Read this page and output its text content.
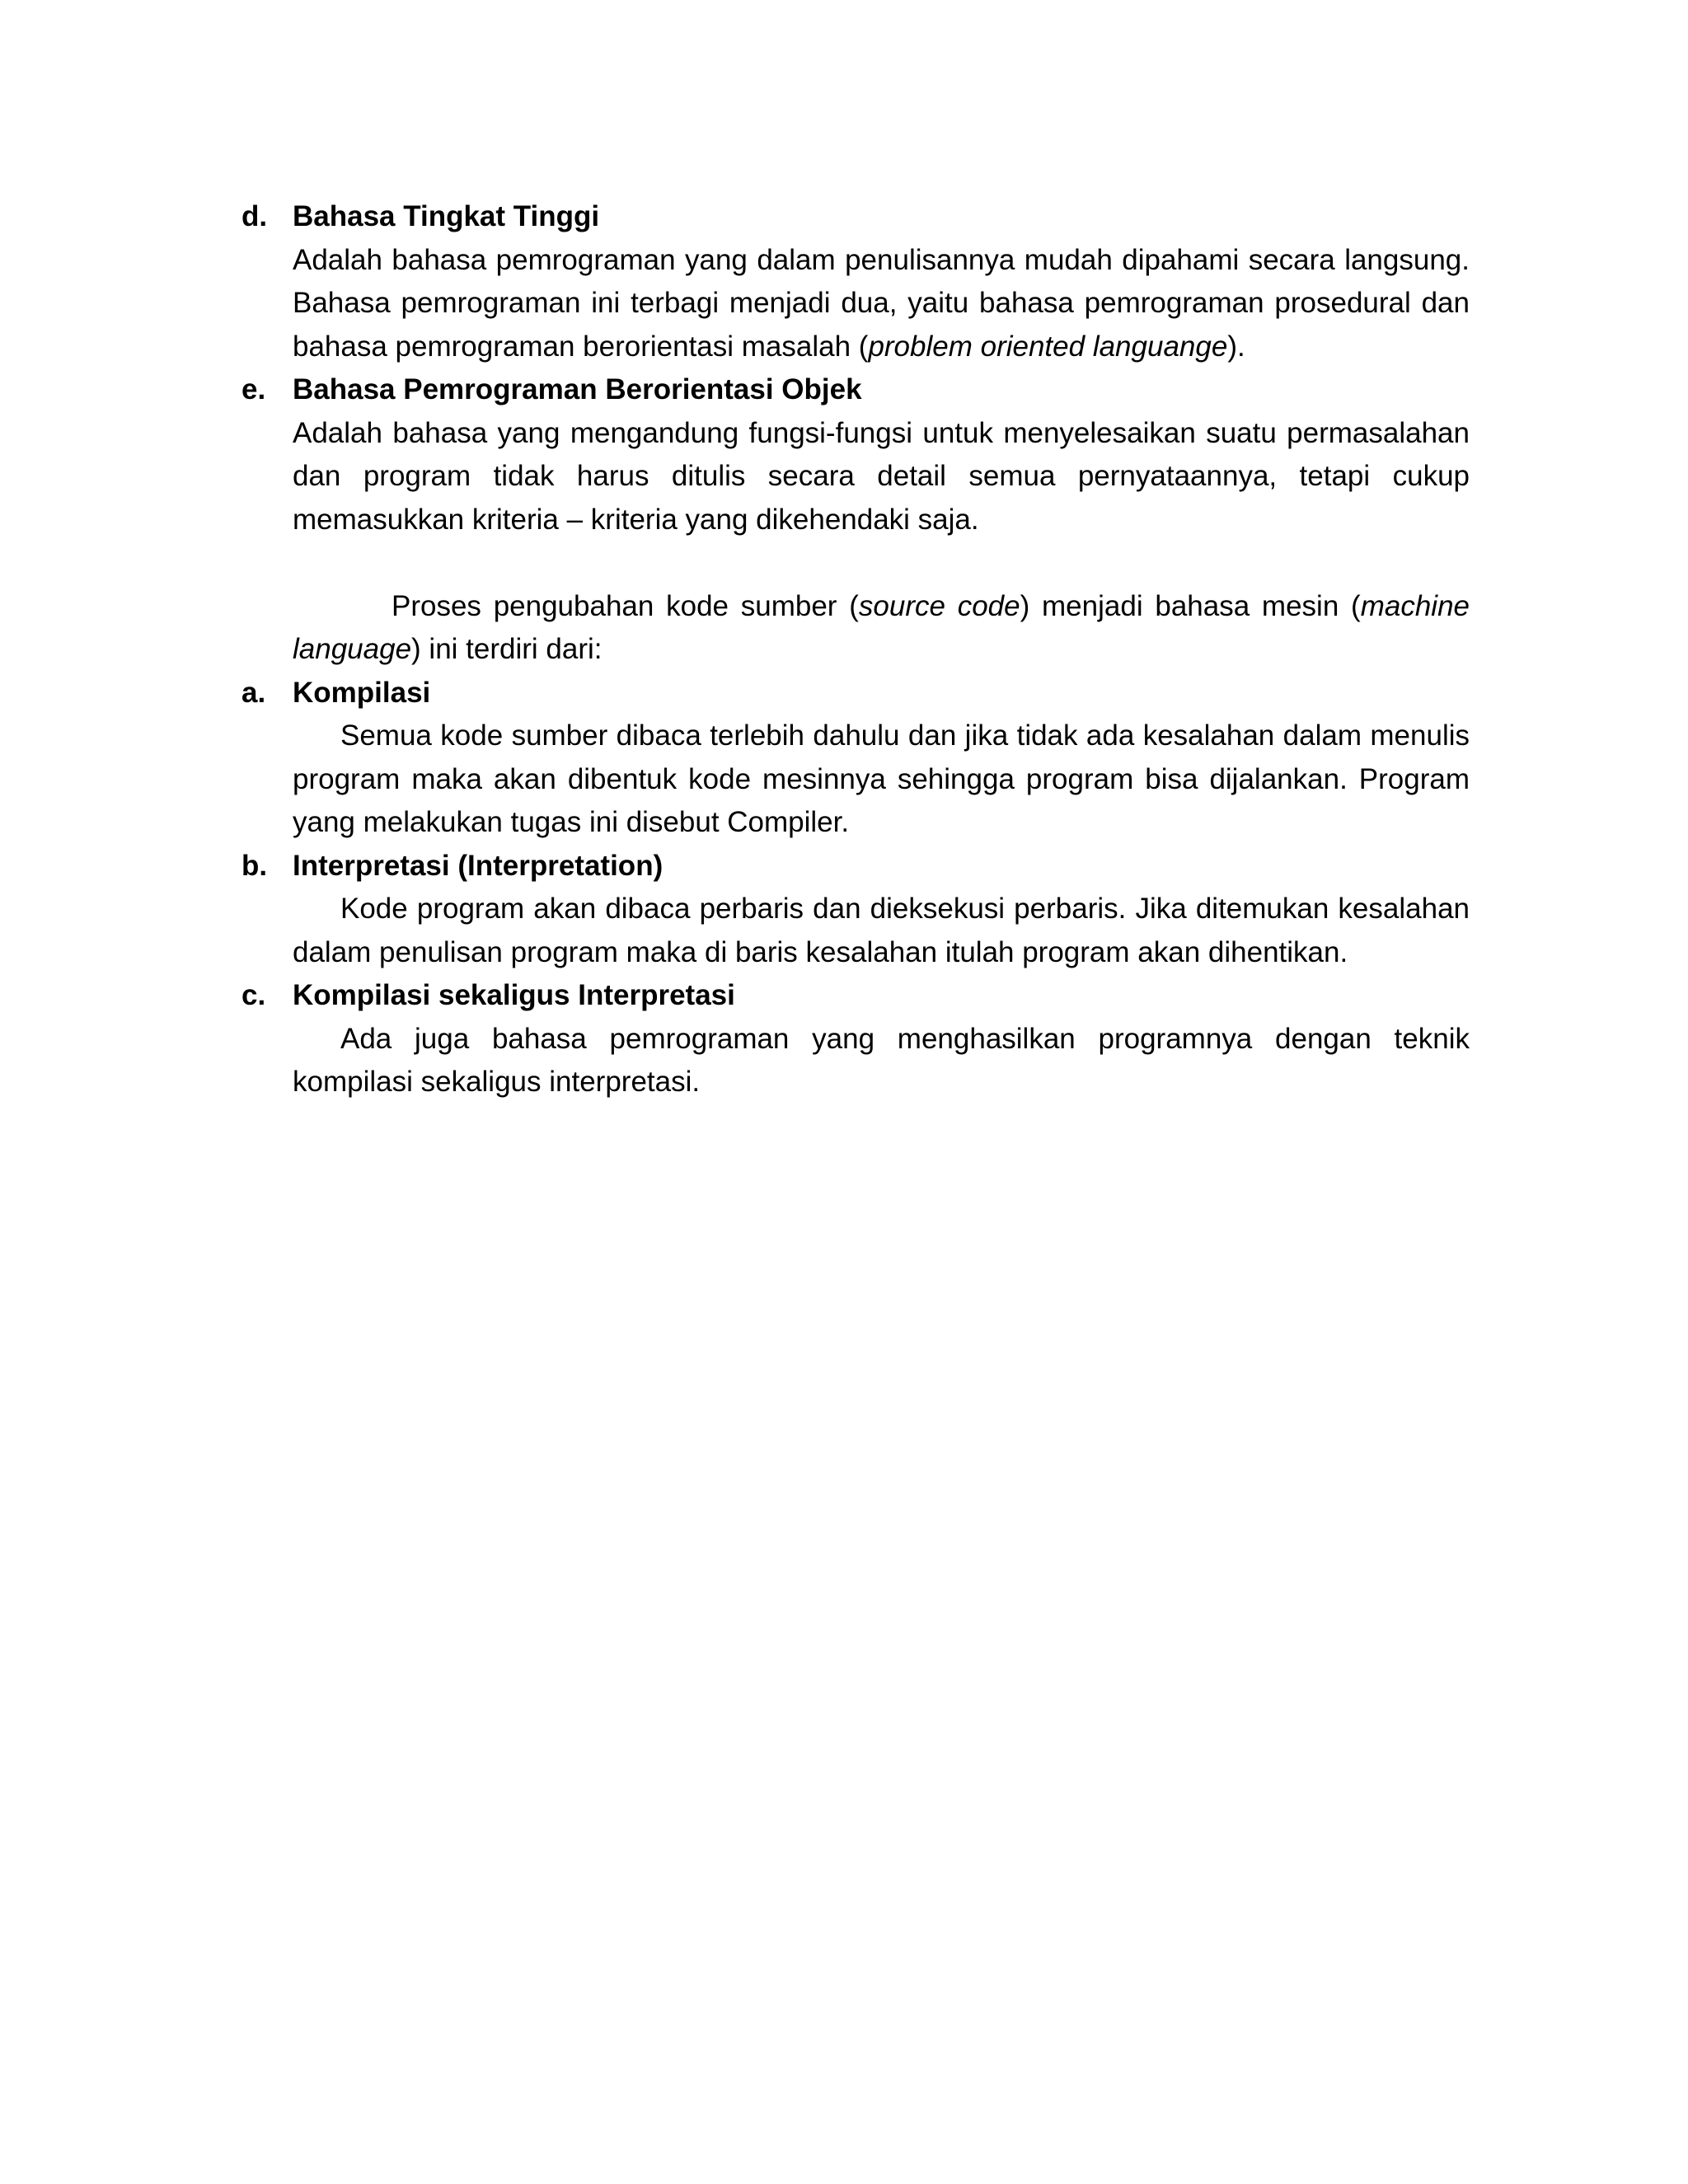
d. Bahasa Tingkat Tinggi
Adalah bahasa pemrograman yang dalam penulisannya mudah dipahami secara langsung. Bahasa pemrograman ini terbagi menjadi dua, yaitu bahasa pemrograman prosedural dan bahasa pemrograman berorientasi masalah (problem oriented languange).
e. Bahasa Pemrograman Berorientasi Objek
Adalah bahasa yang mengandung fungsi-fungsi untuk menyelesaikan suatu permasalahan dan program tidak harus ditulis secara detail semua pernyataannya, tetapi cukup memasukkan kriteria – kriteria yang dikehendaki saja.
Proses pengubahan kode sumber (source code) menjadi bahasa mesin (machine language) ini terdiri dari:
a. Kompilasi
Semua kode sumber dibaca terlebih dahulu dan jika tidak ada kesalahan dalam menulis program maka akan dibentuk kode mesinnya sehingga program bisa dijalankan. Program yang melakukan tugas ini disebut Compiler.
b. Interpretasi (Interpretation)
Kode program akan dibaca perbaris dan dieksekusi perbaris. Jika ditemukan kesalahan dalam penulisan program maka di baris kesalahan itulah program akan dihentikan.
c. Kompilasi sekaligus Interpretasi
Ada juga bahasa pemrograman yang menghasilkan programnya dengan teknik kompilasi sekaligus interpretasi.
